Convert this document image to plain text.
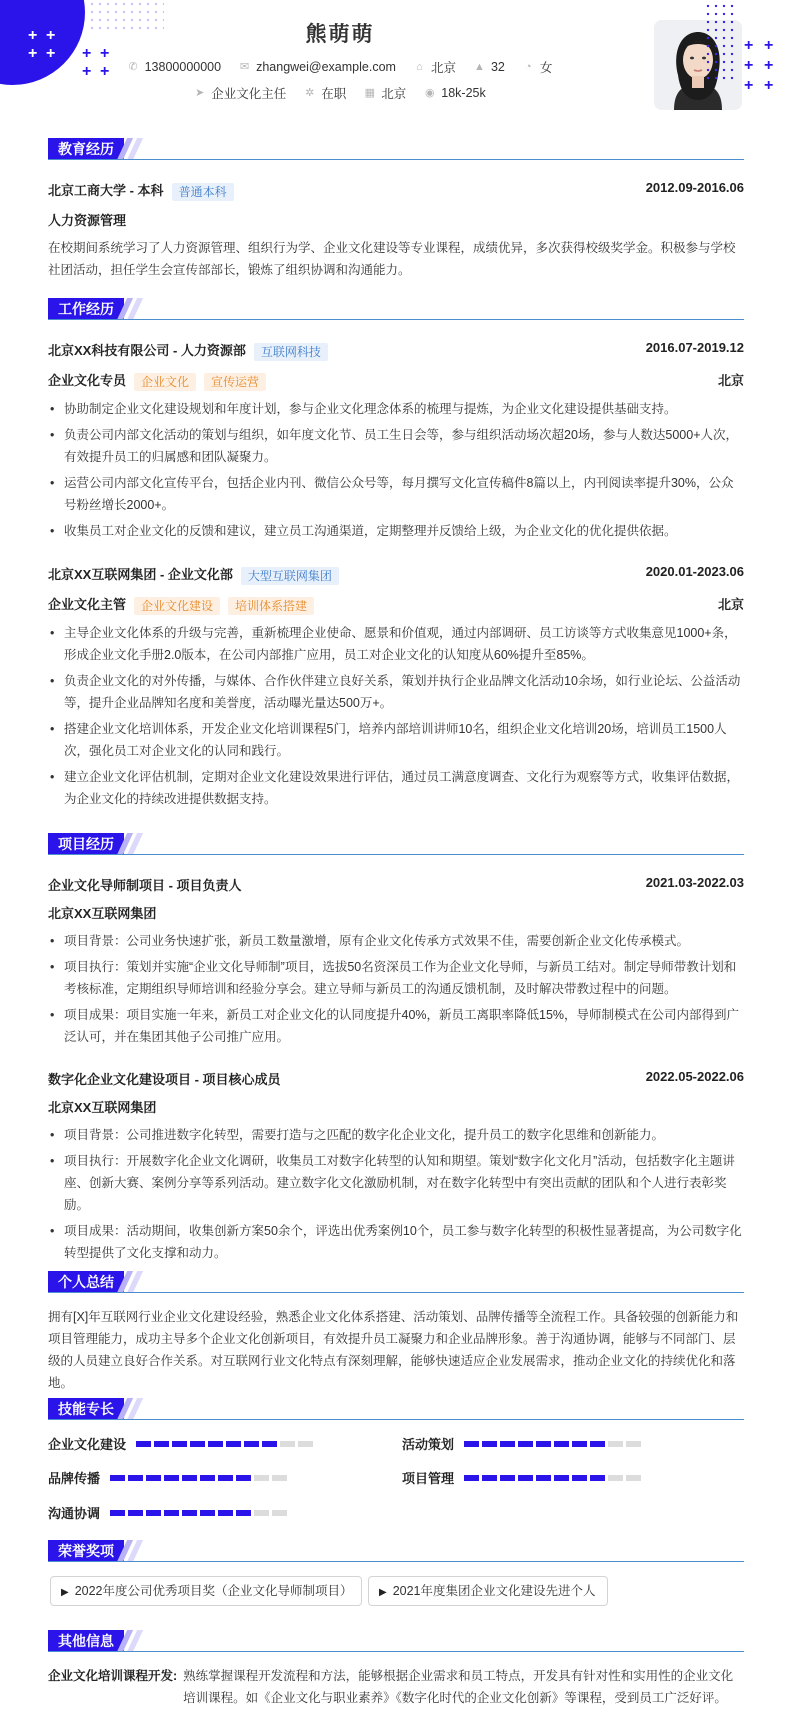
+ +
+ + + +
+ +
熊萌萌
✆ 13800000000 ✉ zhangwei@example.com ⌂ 北京 ▲ 32 ◔ 女
➤ 企业文化主任 ✲ 在职 ▦ 北京 ◉ 18k-25k
+ +
+ +
+ +
教育经历
北京工商大学 - 本科 普通本科	2012.09-2016.06
人力资源管理
在校期间系统学习了人力资源管理、组织行为学、企业文化建设等专业课程，成绩优异，多次获得校级奖学金。积极参与学校社团活动，担任学生会宣传部部长，锻炼了组织协调和沟通能力。
工作经历
北京XX科技有限公司 - 人力资源部 互联网科技	2016.07-2019.12
企业文化专员 企业文化 宣传运营	北京
• 协助制定企业文化建设规划和年度计划，参与企业文化理念体系的梳理与提炼，为企业文化建设提供基础支持。
• 负责公司内部文化活动的策划与组织，如年度文化节、员工生日会等，参与组织活动场次超20场，参与人数达5000+人次，有效提升员工的归属感和团队凝聚力。
• 运营公司内部文化宣传平台，包括企业内刊、微信公众号等，每月撰写文化宣传稿件8篇以上，内刊阅读率提升30%，公众号粉丝增长2000+。
• 收集员工对企业文化的反馈和建议，建立员工沟通渠道，定期整理并反馈给上级，为企业文化的优化提供依据。
北京XX互联网集团 - 企业文化部 大型互联网集团	2020.01-2023.06
企业文化主管 企业文化建设 培训体系搭建	北京
• 主导企业文化体系的升级与完善，重新梳理企业使命、愿景和价值观，通过内部调研、员工访谈等方式收集意见1000+条，形成企业文化手册2.0版本，在公司内部推广应用，员工对企业文化的认知度从60%提升至85%。
• 负责企业文化的对外传播，与媒体、合作伙伴建立良好关系，策划并执行企业品牌文化活动10余场，如行业论坛、公益活动等，提升企业品牌知名度和美誉度，活动曝光量达500万+。
• 搭建企业文化培训体系，开发企业文化培训课程5门，培养内部培训讲师10名，组织企业文化培训20场，培训员工1500人次，强化员工对企业文化的认同和践行。
• 建立企业文化评估机制，定期对企业文化建设效果进行评估，通过员工满意度调查、文化行为观察等方式，收集评估数据，为企业文化的持续改进提供数据支持。
项目经历
企业文化导师制项目 - 项目负责人	2021.03-2022.03
北京XX互联网集团
• 项目背景：公司业务快速扩张，新员工数量激增，原有企业文化传承方式效果不佳，需要创新企业文化传承模式。
• 项目执行：策划并实施“企业文化导师制”项目，选拔50名资深员工作为企业文化导师，与新员工结对。制定导师带教计划和考核标准，定期组织导师培训和经验分享会。建立导师与新员工的沟通反馈机制，及时解决带教过程中的问题。
• 项目成果：项目实施一年来，新员工对企业文化的认同度提升40%，新员工离职率降低15%，导师制模式在公司内部得到广泛认可，并在集团其他子公司推广应用。
数字化企业文化建设项目 - 项目核心成员	2022.05-2022.06
北京XX互联网集团
• 项目背景：公司推进数字化转型，需要打造与之匹配的数字化企业文化，提升员工的数字化思维和创新能力。
• 项目执行：开展数字化企业文化调研，收集员工对数字化转型的认知和期望。策划“数字化文化月”活动，包括数字化主题讲座、创新大赛、案例分享等系列活动。建立数字化文化激励机制，对在数字化转型中有突出贡献的团队和个人进行表彰奖励。
• 项目成果：活动期间，收集创新方案50余个，评选出优秀案例10个，员工参与数字化转型的积极性显著提高，为公司数字化转型提供了文化支撑和动力。
个人总结
拥有[X]年互联网行业企业文化建设经验，熟悉企业文化体系搭建、活动策划、品牌传播等全流程工作。具备较强的创新能力和项目管理能力，成功主导多个企业文化创新项目，有效提升员工凝聚力和企业品牌形象。善于沟通协调，能够与不同部门、层级的人员建立良好合作关系。对互联网行业文化特点有深刻理解，能够快速适应企业发展需求，推动企业文化的持续优化和落地。
技能专长
企业文化建设	活动策划
品牌传播	项目管理
沟通协调
荣誉奖项
▶ 2022年度公司优秀项目奖（企业文化导师制项目）	▶ 2021年度集团企业文化建设先进个人
其他信息
企业文化培训课程开发: 熟练掌握课程开发流程和方法，能够根据企业需求和员工特点，开发具有针对性和实用性的企业文化培训课程。如《企业文化与职业素养》《数字化时代的企业文化创新》等课程，受到员工广泛好评。
